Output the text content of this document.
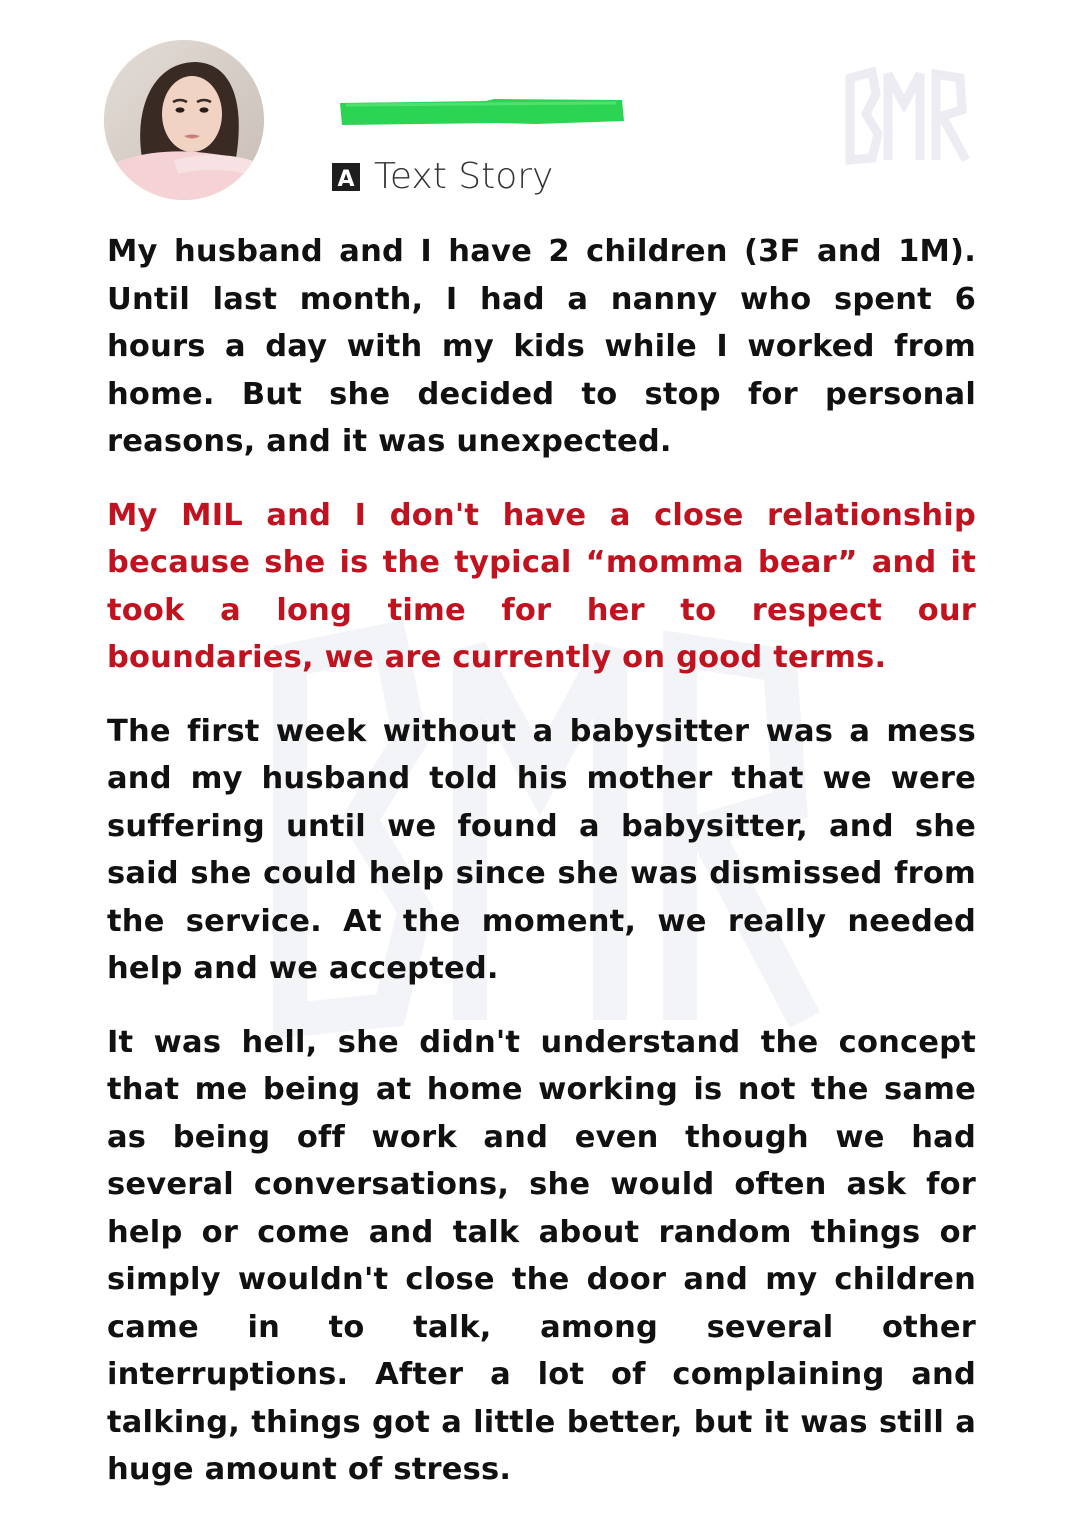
A Text Story

My husband and I have 2 children (3F and 1M). Until last month, I had a nanny who spent 6 hours a day with my kids while I worked from home. But she decided to stop for personal reasons, and it was unexpected.

My MIL and I don't have a close relationship because she is the typical “momma bear” and it took a long time for her to respect our boundaries, we are currently on good terms.

The first week without a babysitter was a mess and my husband told his mother that we were suffering until we found a babysitter, and she said she could help since she was dismissed from the service. At the moment, we really needed help and we accepted.

It was hell, she didn't understand the concept that me being at home working is not the same as being off work and even though we had several conversations, she would often ask for help or come and talk about random things or simply wouldn't close the door and my children came in to talk, among several other interruptions. After a lot of complaining and talking, things got a little better, but it was still a huge amount of stress.
